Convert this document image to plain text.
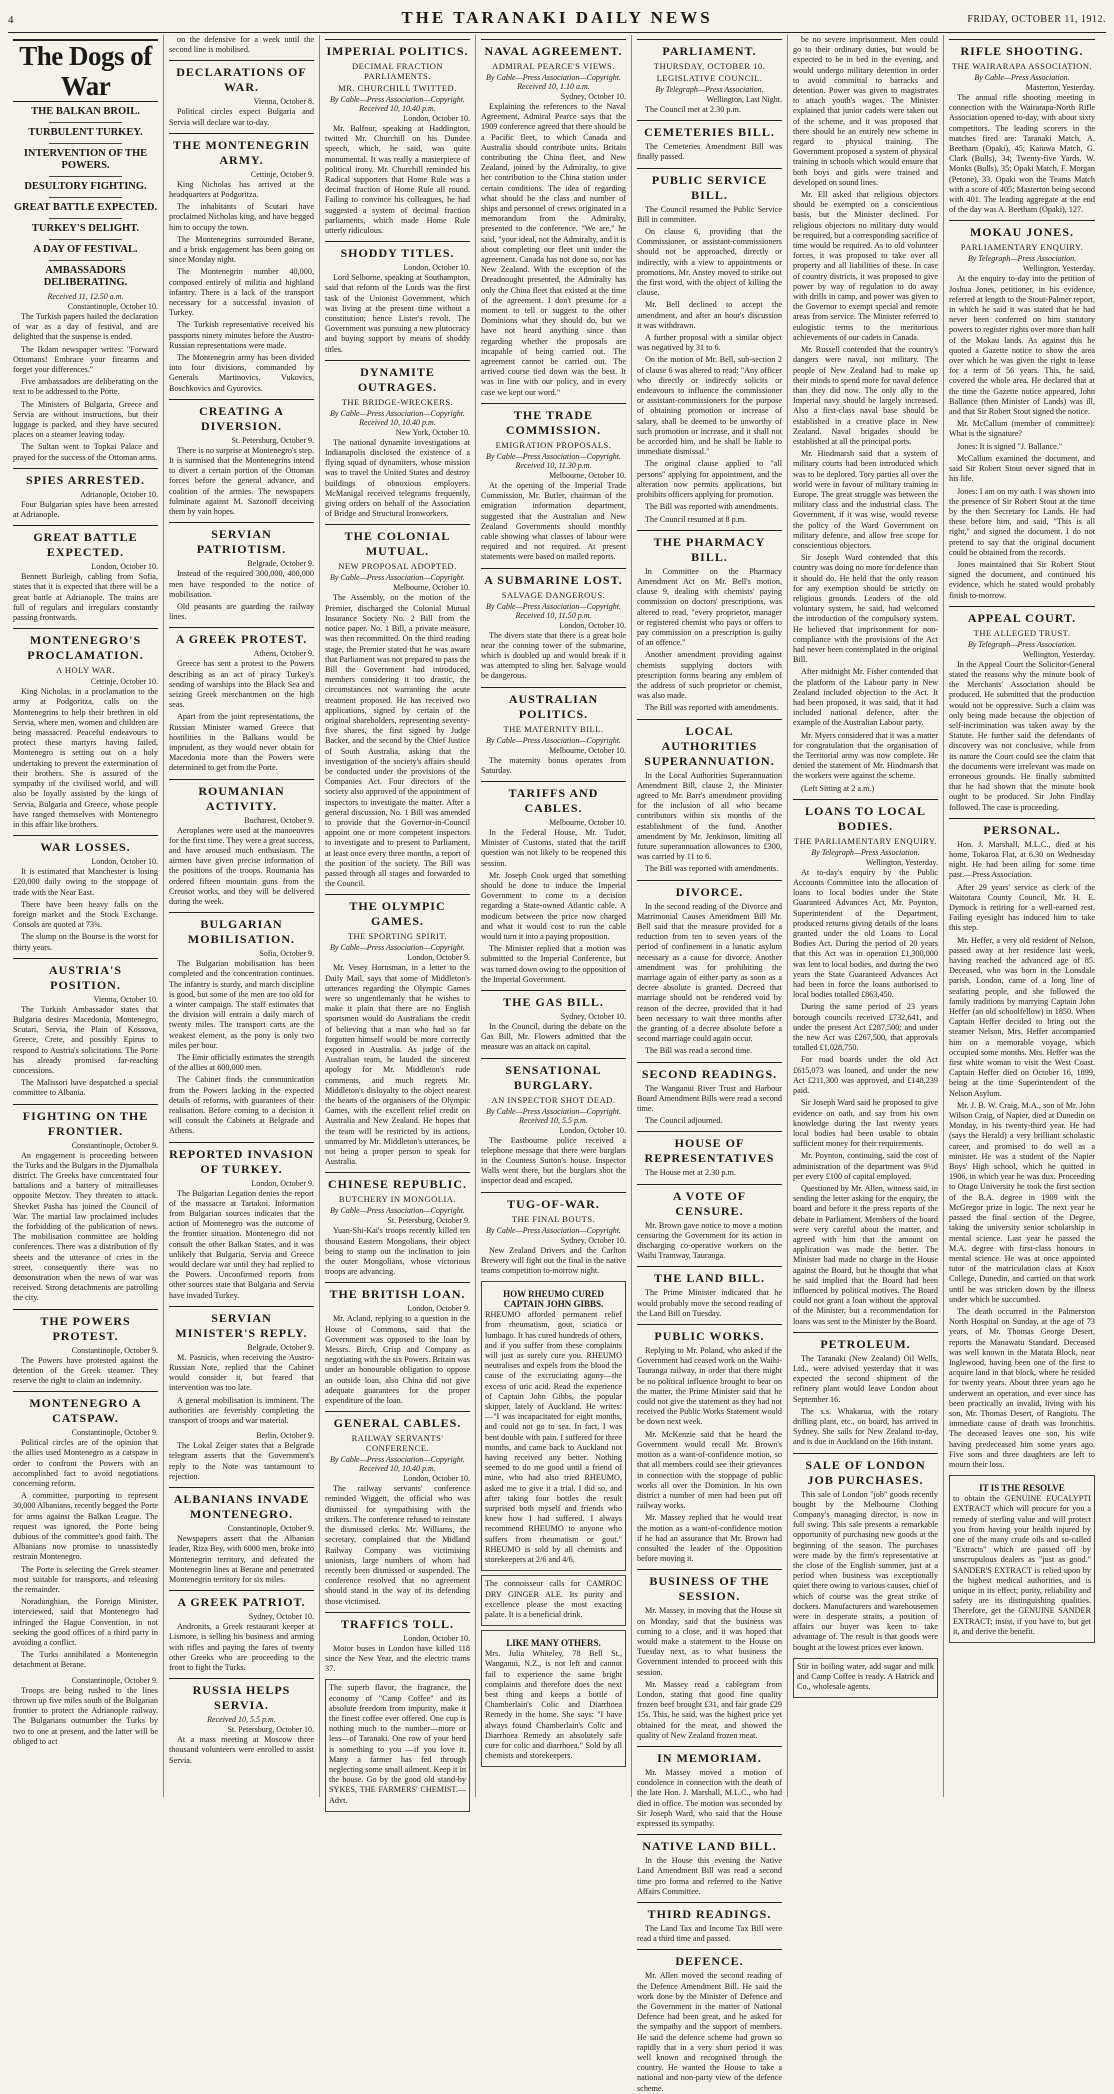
4	THE TARANAKI DAILY NEWS	FRIDAY, OCTOBER 11, 1912.
The Dogs of War
THE BALKAN BROIL.
TURBULENT TURKEY.
INTERVENTION OF THE POWERS.
DESULTORY FIGHTING.
GREAT BATTLE EXPECTED.
TURKEY'S DELIGHT.
A DAY OF FESTIVAL.
AMBASSADORS DELIBERATING.
Received 11, 12.50 a.m.
Constantinople, October 10.

The Turkish papers hailed the declaration of war as a day of festival, and are delighted that the suspense is ended.

The Ikdam newspaper writes: "Forward Ottomans! Embrace your firearms and forget your differences."

Five ambassadors are deliberating on the text to be addressed to the Porte.

The Ministers of Bulgaria, Greece and Servia are without instructions, but their luggage is packed, and they have secured places on a steamer leaving today.

The Sultan went to Topkai Palace and prayed for the success of the Ottoman arms.

SPIES ARRESTED.
Adrianople, October 10.

Four Bulgarian spies have been arrested at Adrianople.

GREAT BATTLE EXPECTED.
London, October 10.

Bennett Burleigh, cabling from Sofia, states that it is expected that there will be a great battle at Adrianople. The trains are full of regulars and irregulars constantly passing frontwards.

MONTENEGRO'S PROCLAMATION.
A HOLY WAR.
Cettinje, October 10.

King Nicholas, in a proclamation to the army at Podgoritza, calls on the Montenegrins to help their brethren in old Servia, where men, women and children are being massacred. Peaceful endeavours to protect these martyrs having failed, Montenegro is setting out on a holy undertaking to prevent the extermination of their brothers. She is assured of the sympathy of the civilised world, and will also be loyally assisted by the kings of Servia, Bulgaria and Greece, whose people have ranged themselves with Montenegro in this affair like brothers.

WAR LOSSES.
London, October 10.

It is estimated that Manchester is losing £20,000 daily owing to the stoppage of trade with the Near East.

There have been heavy falls on the foreign market and the Stock Exchange. Consols are quoted at 73¾.

The slump on the Bourse is the worst for thirty years.

AUSTRIA'S POSITION.
Vienna, October 10.

The Turkish Ambassador states that Bulgaria desires Macedonia, Montenegro, Scutari, Servia, the Plain of Kossova, Greece, Crete, and possibly Epirus to respond to Austria's solicitations. The Porte has already promised far-reaching concessions.

The Malissori have despatched a special committee to Albania.

FIGHTING ON THE FRONTIER.
Constantinople, October 9.

An engagement is proceeding between the Turks and the Bulgars in the Djumalbala district. The Greeks have concentrated four battalions and a battery of mitrailleuses opposite Metzov. They threaten to attack. Shevket Pasha has joined the Council of War. The martial law proclaimed includes the forbidding of the publication of news. The mobilisation committee are holding conferences. There was a distribution of fly sheets and the utterance of cries in the street, consequently there was no demonstration when the news of war was received. Strong detachments are patrolling the city.

THE POWERS PROTEST.
Constantinople, October 9.

The Powers have protested against the detention of the Greek steamer. They reserve the right to claim an indemnity.

MONTENEGRO A CATSPAW.
Constantinople, October 9.

Political circles are of the opinion that the allies used Montenegro as a catspaw in order to confront the Powers with an accomplished fact to avoid negotiations concerning reform.

A committee, purporting to represent 30,000 Albanians, recently begged the Porte for arms against the Balkan League. The request was ignored, the Porte being dubious of the committee's good faith. The Albanians now promise to unassistedly restrain Montenegro.

The Porte is selecting the Greek steamer most suitable for transports, and releasing the remainder.

Noradunghian, the Foreign Minister, interviewed, said that Montenegro had infringed the Hague Convention, in not seeking the good offices of a third party in avoiding a conflict.

The Turks annihilated a Montenegrin detachment at Berane.

Constantinople, October 9.

Troops are being rushed to the lines thrown up five miles south of the Bulgarian frontier to protect the Adrianople railway. The Bulgarians outnumber the Turks by two to one at present, and the latter will be obliged to act

on the defensive for a week until the second line is mobilised.

DECLARATIONS OF WAR.
Vienna, October 8.

Political circles expect Bulgaria and Servia will declare war to-day.

THE MONTENEGRIN ARMY.
Cettinje, October 9.

King Nicholas has arrived at the headquarters at Podgoritza.

The inhabitants of Scutari have proclaimed Nicholas king, and have begged him to occupy the town.

The Montenegrins surrounded Berane, and a brisk engagement has been going on since Monday night.

The Montenegrin number 40,000, composed entirely of militia and highland infantry. There is a lack of the transport necessary for a successful invasion of Turkey.

The Turkish representative received his passports ninety minutes before the Austro-Russian representations were made.

The Montenegrin army has been divided into four divisions, commanded by Generals Martinovics, Vukovics, Boschkovics and Gyurovics.

CREATING A DIVERSION.
St. Petersburg, October 9.

There is no surprise at Montenegro's step. It is surmised that the Montenegrins intend to divert a certain portion of the Ottoman forces before the general advance, and coalition of the armies. The newspapers fulminate against M. Sazonoff deceiving them by vain hopes.

SERVIAN PATRIOTISM.
Belgrade, October 9.

Instead of the required 300,000, 400,000 men have responded to the notice of mobilisation.

Old peasants are guarding the railway lines.

A GREEK PROTEST.
Athens, October 9.

Greece has sent a protest to the Powers describing as an act of piracy Turkey's sending of warships into the Black Sea and seizing Greek merchantmen on the high seas.

Apart from the joint representations, the Russian Minister warned Greece that hostilities in the Balkans would be imprudent, as they would never obtain for Macedonia more than the Powers were determined to get from the Porte.

ROUMANIAN ACTIVITY.
Bucharest, October 9.

Aeroplanes were used at the manoeuvres for the first time. They were a great success, and have aroused much enthusiasm. The airmen have given precise information of the positions of the troops. Roumania has ordered fifteen mountain guns from the Creusot works, and they will be delivered during the week.

BULGARIAN MOBILISATION.
Sofia, October 9.

The Bulgarian mobilisation has been completed and the concentration continues. The infantry is sturdy, and march discipline is good, but some of the men are too old for a winter campaign. The staff estimates that the division will entrain a daily march of twenty miles. The transport carts are the weakest element, as the pony is only two miles per hour.

The Emir officially estimates the strength of the allies at 600,000 men.

The Cabinet finds the communication from the Powers lacking in the expected details of reforms, with guarantees of their realisation. Before coming to a decision it will consult the Cabinets at Belgrade and Athens.

REPORTED INVASION OF TURKEY.
London, October 9.

The Bulgarian Legation denies the report of the massacre at Tartakoi. Information from Bulgarian sources indicates that the action of Montenegro was the outcome of the frontier situation. Montenegro did not consult the other Balkan States, and it was unlikely that Bulgaria, Servia and Greece would declare war until they had replied to the Powers. Unconfirmed reports from other sources state that Bulgaria and Servia have invaded Turkey.

SERVIAN MINISTER'S REPLY.
Belgrade, October 9.

M. Pasnicis, when receiving the Austro-Russian Note, replied that the Cabinet would consider it, but feared that intervention was too late.

A general mobilisation is imminent. The authorities are feverishly completing the transport of troops and war material.

Berlin, October 9.

The Lokal Zeiger states that a Belgrade telegram asserts that the Government's reply to the Note was tantamount to rejection.

ALBANIANS INVADE MONTENEGRO.
Constantinople, October 9.

Newspapers assert that the Albanian leader, Riza Bey, with 6000 men, broke into Montenegrin territory, and defeated the Montenegrin lines at Berane and penetrated Montenegrin territory for six miles.

A GREEK PATRIOT.
Sydney, October 10.

Andronits, a Greek restaurant keeper at Lismore, is selling his business and arming with rifles and paying the fares of twenty other Greeks who are proceeding to the front to fight the Turks.

RUSSIA HELPS SERVIA.
Received 10, 5.5 p.m.
St. Petersburg, October 10.

At a mass meeting at Moscow three thousand volunteers were enrolled to assist Servia.

IMPERIAL POLITICS.
DECIMAL FRACTION PARLIAMENTS.
MR. CHURCHILL TWITTED.
By Cable—Press Association—Copyright. Received 10, 10.40 p.m.
London, October 10.

Mr. Balfour, speaking at Haddington, twitted Mr. Churchill on his Dundee speech, which, he said, was quite monumental. It was really a masterpiece of political irony. Mr. Churchill reminded his Radical supporters that Home Rule was a decimal fraction of Home Rule all round. Failing to convince his colleagues, he had suggested a system of decimal fraction parliaments, which made Home Rule utterly ridiculous.

SHODDY TITLES.
London, October 10.

Lord Selborne, speaking at Southampton, said that reform of the Lords was the first task of the Unionist Government, which was living at the present time without a constitution; hence Lister's revolt. The Government was pursuing a new plutocracy and buying support by means of shoddy titles.

DYNAMITE OUTRAGES.
THE BRIDGE-WRECKERS.
By Cable—Press Association—Copyright. Received 10, 10.40 p.m.
New York, October 10.

The national dynamite investigations at Indianapolis disclosed the existence of a flying squad of dynamiters, whose mission was to travel the United States and destroy buildings of obnoxious employers. McManigal received telegrams frequently, giving orders on behalf of the Association of Bridge and Structural Ironworkers.

THE COLONIAL MUTUAL.
NEW PROPOSAL ADOPTED.
By Cable—Press Association—Copyright.
Melbourne, October 10.

The Assembly, on the motion of the Premier, discharged the Colonial Mutual Insurance Society No. 2 Bill from the notice paper. No. 1 Bill, a private measure, was then recommitted. On the third reading stage, the Premier stated that he was aware that Parliament was not prepared to pass the Bill the Government had introduced, members considering it too drastic, the circumstances not warranting the acute treatment proposed. He has received two applications, signed by certain of the original shareholders, representing seventy-five shares, the first signed by Judge Backer, and the second by the Chief Justice of South Australia, asking that the investigation of the society's affairs should be conducted under the provisions of the Companies Act. Four directors of the society also approved of the appointment of inspectors to investigate the matter. After a general discussion, No. 1 Bill was amended to provide that the Governor-in-Council appoint one or more competent inspectors to investigate and to present to Parliament, at least once every three months, a report of the position of the society. The Bill was passed through all stages and forwarded to the Council.

THE OLYMPIC GAMES.
THE SPORTING SPIRIT.
By Cable—Press Association—Copyright.
London, October 9.

Mr. Vesey Hornsman, in a letter to the Daily Mail, says that some of Middleton's utterances regarding the Olympic Games were so ungentlemanly that he wishes to make it plain that there are no English sportsmen would do Australians the credit of believing that a man who had so far forgotten himself would be more correctly exposed in Australia. As judge of the Australian team, he lauded the sincerest apology for Mr. Middleton's rude comments, and much regrets Mr. Middleton's disloyalty to the object nearest the hearts of the organisers of the Olympic Games, with the excellent relief credit on Australia and New Zealand. He hopes that the team will be restricted by its actions, unmarred by Mr. Middleton's utterances, be not being a proper person to speak for Australia.

CHINESE REPUBLIC.
BUTCHERY IN MONGOLIA.
By Cable—Press Association—Copyright.
St. Petersburg, October 9.

Yuan-Shi-Kai's troops recently killed ten thousand Eastern Mongolians, their object being to stamp out the inclination to join the outer Mongolians, whose victorious troops are advancing.

THE BRITISH LOAN.
London, October 9.

Mr. Acland, replying to a question in the House of Commons, said that the Government was opposed to the loan by Messrs. Birch, Crisp and Company as negotiating with the six Powers. Britain was under an honourable obligation to oppose an outside loan, also China did not give adequate guarantees for the proper expenditure of the loan.

GENERAL CABLES.
RAILWAY SERVANTS' CONFERENCE.
By Cable—Press Association—Copyright. Received 10, 10.40 p.m.
London, October 10.

The railway servants' conference reminded Wiggett, the official who was dismissed for sympathising with the strikers. The conference refused to reinstate the dismissed clerks. Mr. Williams, the secretary, complained that the Midland Railway Company was victimising unionists, large numbers of whom had recently been dismissed or suspended. The conference resolved that no agreement should stand in the way of its defending those victimised.

TRAFFICS TOLL.
London, October 10.

Motor buses in London have killed 118 since the New Year, and the electric trams 37.

The superb flavor, the fragrance, the economy of "Camp Coffee" and its absolute freedom from impurity, make it the finest coffee ever offered. One cup is nothing much to the number—more or less—of Taranaki. One row of your herd is something to you —if you love it. Many a farmer has fed through neglecting some small ailment. Keep it in the house. Go by the good old stand-by SYKES, THE FARMERS' CHEMIST.—Advt.

NAVAL AGREEMENT.
ADMIRAL PEARCE'S VIEWS.
By Cable—Press Association—Copyright. Received 10, 1.10 a.m.
Sydney, October 10.

Explaining the references to the Naval Agreement, Admiral Pearce says that the 1909 conference agreed that there should be a Pacific fleet, to which Canada and Australia should contribute units. Britain contributing the China fleet, and New Zealand, joined by the Admiralty, to give her contribution to the China station under certain conditions. The idea of regarding what should be the class and number of ships and personnel of crews originated in a memorandum from the Admiralty, presented to the conference. "We are," he said, "your ideal, not the Admiralty, and it is about completing our fleet unit under the agreement. Canada has not done so, nor has New Zealand. With the exception of the Dreadnought presented, the Admiralty has only the China fleet that existed at the time of the agreement. I don't presume for a moment to tell or suggest to the other Dominions what they should do, but we have not heard anything since than regarding whether the proposals are incapable of being carried out. The agreement cannot be carried out. The arrived course tied down was the best. It was in line with our policy, and in every case we kept our word."

THE TRADE COMMISSION.
EMIGRATION PROPOSALS.
By Cable—Press Association—Copyright. Received 10, 11.30 p.m.
Melbourne, October 10.

At the opening of the Imperial Trade Commission, Mr. Butler, chairman of the emigration information department, suggested that the Australian and New Zealand Governments should monthly cable showing what classes of labour were required and not required. At present statements were based on mailed reports.

A SUBMARINE LOST.
SALVAGE DANGEROUS.
By Cable—Press Association—Copyright. Received 10, 11.50 p.m.
London, October 10.

The divers state that there is a great hole near the conning tower of the submarine, which is doubled up and would break if it was attempted to sling her. Salvage would be dangerous.

AUSTRALIAN POLITICS.
THE MATERNITY BILL.
By Cable—Press Association—Copyright.
Melbourne, October 10.

The maternity bonus operates from Saturday.

TARIFFS AND CABLES.
Melbourne, October 10.

In the Federal House, Mr. Tudor, Minister of Customs, stated that the tariff question was not likely to be reopened this session.

Mr. Joseph Cook urged that something should be done to induce the Imperial Government to come to a decision regarding a State-owned Atlantic cable. A modicum between the price now charged and what it would cost to run the cable would turn it into a paying proposition.

The Minister replied that a motion was submitted to the Imperial Conference, but was turned down owing to the opposition of the Imperial Government.

THE GAS BILL.
Sydney, October 10.

In the Council, during the debate on the Gas Bill, Mr. Flowers admitted that the measure was an attack on capital.

SENSATIONAL BURGLARY.
AN INSPECTOR SHOT DEAD.
By Cable—Press Association—Copyright. Received 10, 5.5 p.m.
London, October 10.

The Eastbourne police received a telephone message that there were burglars in the Countess Sutton's house. Inspector Walls went there, but the burglars shot the inspector dead and escaped.

TUG-OF-WAR.
THE FINAL BOUTS.
By Cable—Press Association—Copyright.
Sydney, October 10.

New Zealand Drivers and the Carlton Brewery will fight out the final in the native teams competition to-morrow night.

HOW RHEUMO CURED CAPTAIN JOHN GIBBS.

RHEUMO afforded permanent relief from rheumatism, gout, sciatica or lumbago. It has cured hundreds of others, and if you suffer from these complaints will just as surely cure you. RHEUMO neutralises and expels from the blood the cause of the excruciating agony—the excess of uric acid. Read the experience of Captain John Gibbs, the popular skipper, lately of Auckland. He writes:—"I was incapacitated for eight months, and could not go to sea. In fact, I was bent double with pain. I suffered for three months, and came back to Auckland not having received any better. Nothing seemed to do me good until a friend of mine, who had also tried RHEUMO, asked me to give it a trial. I did so, and after taking four bottles the result surprised both myself and friends who knew how I had suffered. I always recommend RHEUMO to anyone who suffers from rheumatism or gout." RHEUMO is sold by all chemists and storekeepers at 2/6 and 4/6.

The connoisseur calls for CAMROC DRY GINGER ALE. Its purity and excellence please the most exacting palate. It is a beneficial drink.

LIKE MANY OTHERS.

Mrs. Julia Whiteley, 78 Bell St., Wanganui, N.Z., is not left and cannot fail to experience the same bright complaints and therefore does the next best thing and keeps a bottle of Chamberlain's Colic and Diarrhoea Remedy in the home. She says: "I have always found Chamberlain's Colic and Diarrhoea Remedy an absolutely safe cure for colic and diarrhoea." Sold by all chemists and storekeepers.

PARLIAMENT.
THURSDAY, OCTOBER 10.
LEGISLATIVE COUNCIL.
By Telegraph—Press Association.
Wellington, Last Night.

The Council met at 2.30 p.m.

CEMETERIES BILL.

The Cemeteries Amendment Bill was finally passed.

PUBLIC SERVICE BILL.

The Council resumed the Public Service Bill in committee.

On clause 6, providing that the Commissioner, or assistant-commissioners should not be approached, directly or indirectly, with a view to appointments or promotions, Mr. Anstey moved to strike out the first word, with the object of killing the clause.

Mr. Bell declined to accept the amendment, and after an hour's discussion it was withdrawn.

A further proposal with a similar object was negatived by 31 to 6.

On the motion of Mr. Bell, sub-section 2 of clause 6 was altered to read: "Any officer who directly or indirectly solicits or endeavours to influence the commissioner or assistant-commissioners for the purpose of obtaining promotion or increase of salary, shall be deemed to be unworthy of such promotion or increase, and it shall not be accorded him, and he shall be liable to immediate dismissal."

The original clause applied to "all persons" applying for appointment, and the alteration now permits applications, but prohibits officers applying for promotion.

The Bill was reported with amendments.

The Council resumed at 8 p.m.

THE PHARMACY BILL.

In Committee on the Pharmacy Amendment Act on Mr. Bell's motion, clause 9, dealing with chemists' paying commission on doctors' prescriptions, was altered to read, "every proprietor, manager or registered chemist who pays or offers to pay commission on a prescription is guilty of an offence."

Another amendment providing against chemists supplying doctors with prescription forms bearing any emblem of the address of such proprietor or chemist, was also made.

The Bill was reported with amendments.

LOCAL AUTHORITIES SUPERANNUATION.

In the Local Authorities Superannuation Amendment Bill, clause 2, the Minister agreed to Mr. Barr's amendment providing for the inclusion of all who became contributors within six months of the establishment of the fund. Another amendment by Mr. Jenkinson, limiting all future superannuation allowances to £300, was carried by 11 to 6.

The Bill was reported with amendments.

DIVORCE.

In the second reading of the Divorce and Matrimonial Causes Amendment Bill Mr. Bell said that the measure provided for a reduction from ten to seven years of the period of confinement in a lunatic asylum necessary as a cause for divorce. Another amendment was for prohibiting the marriage again of either party as soon as a decree absolute is granted. Decreed that marriage should not be rendered void by reason of the decree, provided that it had been necessary to wait three months after the granting of a decree absolute before a second marriage could again occur.

The Bill was read a second time.

SECOND READINGS.

The Wanganui River Trust and Harbour Board Amendment Bills were read a second time.

The Council adjourned.

HOUSE OF REPRESENTATIVES

The House met at 2.30 p.m.

A VOTE OF CENSURE.

Mr. Brown gave notice to move a motion censuring the Government for its action in discharging co-operative workers on the Waihi Tramway, Tauranga.

THE LAND BILL.

The Prime Minister indicated that he would probably move the second reading of the Land Bill on Tuesday.

PUBLIC WORKS.

Replying to Mr. Poland, who asked if the Government had ceased work on the Waihi-Tauranga railway, in order that there might be no political influence brought to bear on the matter, the Prime Minister said that he could not give the statement as they had not received the Public Works Statement would be down next week.

Mr. McKenzie said that he heard the Government would recall Mr. Brown's motion as a want-of-confidence motion, so that all members could see their grievances in connection with the stoppage of public works all over the Dominion. In his own district a number of men had been put off railway works.

Mr. Massey replied that he would treat the motion as a want-of-confidence motion if he had an assurance that Mr. Brown had consulted the leader of the Opposition before moving it.

BUSINESS OF THE SESSION.

Mr. Massey, in moving that the House sit on Monday, said that the business was coming to a close, and it was hoped that would make a statement to the House on Tuesday next, as to what business the Government intended to proceed with this session.

Mr. Massey read a cablegram from London, stating that good fine quality frozen beef brought £31, and fair grade £29 15s. This, he said, was the highest price yet obtained for the meat, and showed the quality of New Zealand frozen meat.

IN MEMORIAM.

Mr. Massey moved a motion of condolence in connection with the death of the late Hon. J. Marshall, M.L.C., who had died in office. The motion was seconded by Sir Joseph Ward, who said that the House expressed its sympathy.

NATIVE LAND BILL.

In the House this evening the Native Land Amendment Bill was read a second time pro forma and referred to the Native Affairs Committee.

THIRD READINGS.

The Land Tax and Income Tax Bill were read a third time and passed.

DEFENCE.

Mr. Allen moved the second reading of the Defence Amendment Bill. He said the work done by the Minister of Defence and the Government in the matter of National Defence had been great, and he asked for the sympathy and the support of members. He said the defence scheme had grown so rapidly that in a very short period it was well known and recognised through the country. He wanted the House to take a national and non-party view of the defence scheme.

be no severe imprisonment. Men could go to their ordinary duties, but would be expected to be in bed in the evening, and would undergo military detention in order to avoid committal to barracks and detention. Power was given to magistrates to attach youth's wages. The Minister explained that junior cadets were taken out of the scheme, and it was proposed that there should be an entirely new scheme in regard to physical training. The Government proposed a system of physical training in schools which would ensure that both boys and girls were trained and developed on sound lines.

Mr. Ell asked that religious objectors should be exempted on a conscientious basis, but the Minister declined. For religious objectors no military duty would be required, but a corresponding sacrifice of time would be required. As to old volunteer forces, it was proposed to take over all property and all liabilities of these. In case of country districts, it was proposed to give power by way of regulation to do away with drills in camp, and power was given to the Governor to exempt special and remote areas from service. The Minister referred to eulogistic terms to the meritorious achievements of our cadets in Canada.

Mr. Russell contended that the country's dangers were naval, not military. The people of New Zealand had to make up their minds to spend more for naval defence than they did now. The only ally to the Imperial navy should be largely increased. Also a first-class naval base should be established in a creative place in New Zealand. Naval brigades should be established at all the principal ports.

Mr. Hindmarsh said that a system of military courts had been introduced which was to be deplored. Tory parties all over the world were in favour of military training in Europe. The great struggle was between the military class and the industrial class. The Government, if it was wise, would reverse the policy of the Ward Government on military defence, and allow free scope for conscientious objectors.

Sir Joseph Ward contended that this country was doing no more for defence than it should do. He held that the only reason for any exemption should be strictly on religious grounds. Leaders of the old voluntary system, he said, had welcomed the introduction of the compulsory system. He believed that imprisonment for non-compliance with the provisions of the Act had never been contemplated in the original Bill.

After midnight Mr. Fisher contended that the platform of the Labour party in New Zealand included objection to the Act. It had been proposed, it was said, that it had included national defence, after the example of the Australian Labour party.

Mr. Myers considered that it was a matter for congratulation that the organisation of the Territorial army was now complete. He denied the statement of Mr. Hindmarsh that the workers were against the scheme.

(Left Sitting at 2 a.m.)

LOANS TO LOCAL BODIES.
THE PARLIAMENTARY ENQUIRY.
By Telegraph—Press Association.
Wellington, Yesterday.

At to-day's enquiry by the Public Accounts Committee into the allocation of loans to local bodies under the State Guaranteed Advances Act, Mr. Poynton, Superintendent of the Department, produced returns giving details of the loans granted under the old Loans to Local Bodies Act. During the period of 20 years that this Act was in operation £1,300,000 was lent to local bodies, and during the two years the State Guaranteed Advances Act had been in force the loans authorised to local bodies totalled £863,450.

During the same period of 23 years borough councils received £732,641, and under the present Act £287,500; and under the new Act was £267,500, that approvals totalled £1,028,750.

For road boards under the old Act £615,073 was loaned, and under the new Act £211,300 was approved, and £148,239 paid.

Sir Joseph Ward said he proposed to give evidence on oath, and say from his own knowledge during the last twenty years local bodies had been unable to obtain sufficient money for their requirements.

Mr. Poynton, continuing, said the cost of administration of the department was 9½d per every £100 of capital employed.

Questioned by Mr. Allen, witness said, in sending the letter asking for the enquiry, the board and before it the press reports of the debate in Parliament. Members of the board were very careful about the matter, and agreed with him that the amount on application was made the better. The Minister had made no charge in the House against the Board, but he thought that what he said implied that the Board had been influenced by political motives. The Board could not grant a loan without the approval of the Minister, but a recommendation for loans was sent to the Minister by the Board.

PETROLEUM.

The Taranaki (New Zealand) Oil Wells, Ltd., were advised yesterday that it was expected the second shipment of the refinery plant would leave London about September 16.

The s.s. Whakarua, with the rotary drilling plant, etc., on board, has arrived in Sydney. She sails for New Zealand to-day, and is due in Auckland on the 16th instant.

SALE OF LONDON JOB PURCHASES.

This sale of London "job" goods recently bought by the Melbourne Clothing Company's managing director, is now in full swing. This sale presents a remarkable opportunity of purchasing new goods at the beginning of the season. The purchases were made by the firm's representative at the close of the English summer, just at a period when business was exceptionally quiet there owing to various causes, chief of which of course was the great strike of dockers. Manufacturers and warehousemen were in desperate straits, a position of affairs our buyer was keen to take advantage of. The result is that goods were bought at the lowest prices ever known.

Stir in boiling water, add sugar and milk and Camp Coffee is ready. A Hatrick and Co., wholesale agents.

RIFLE SHOOTING.
THE WAIRARAPA ASSOCIATION.
By Cable—Press Association.
Masterton, Yesterday.

The annual rifle shooting meeting in connection with the Wairarapa-North Rifle Association opened to-day, with about sixty competitors. The leading scorers in the matches fired are: Taranaki Match, A. Beetham (Opaki), 45; Kaiuwa Match, G. Clark (Bulls), 34; Twenty-five Yards, W. Monks (Bulls), 35; Opaki Match, F. Morgan (Petone), 33. Opaki won the Teams Match with a score of 405; Masterton being second with 401. The leading aggregate at the end of the day was A. Beetham (Opaki), 127.

MOKAU JONES.
PARLIAMENTARY ENQUIRY.
By Telegraph—Press Association.
Wellington, Yesterday.

At the enquiry to-day into the petition of Joshua Jones, petitioner, in his evidence, referred at length to the Stout-Palmer report, in which he said it was stated that he had never been conferred on him statutory powers to register rights over more than half of the Mokau lands. As against this he quoted a Gazette notice to show the area over which he was given the right to lease for a term of 56 years. This, he said, covered the whole area. He declared that at the time the Gazette notice appeared, John Ballance (then Minister of Lands) was ill, and that Sir Robert Stout signed the notice.

Mr. McCallum (member of committee): What is the signature?

Jones: It is signed "J. Ballance."

McCallum examined the document, and said Sir Robert Stout never signed that in his life.

Jones: I am on my oath. I was shown into the presence of Sir Robert Stout at the time by the then Secretary for Lands. He had these before him, and said, "This is all right," and signed the document. I do not pretend to say that the original document could be obtained from the records.

Jones maintained that Sir Robert Stout signed the document, and continued his evidence, which he stated would probably finish to-morrow.

APPEAL COURT.
THE ALLEGED TRUST.
By Telegraph—Press Association.
Wellington, Yesterday.

In the Appeal Court the Solicitor-General stated the reasons why the minute book of the Merchants' Association should be produced. He submitted that the production would not be oppressive. Such a claim was only being made because the objection of self-incrimination was taken away by the Statute. He further said the defendants of discovery was not conclusive, while from its nature the Court could see the claim that the documents were irrelevant was made on erroneous grounds. He finally submitted that he had shown that the minute book ought to be produced. Sir John Findlay followed. The case is proceeding.

PERSONAL.

Hon. J. Marshall, M.L.C., died at his home, Tokaroa Flat, at 6.30 on Wednesday night. He had been ailing for some time past.—Press Association.

After 29 years' service as clerk of the Waitotara County Council, Mr. H. E. Dymock is retiring for a well-earned rest. Failing eyesight has induced him to take this step.

Mr. Heffer, a very old resident of Nelson, passed away at her residence last week, having reached the advanced age of 85. Deceased, who was born in the Lonsdale parish, London, came of a long line of seafaring people, and she followed the family traditions by marrying Captain John Heffer (an old schoolfellow) in 1850. When Captain Heffer decided to bring out the steamer Nelson, Mrs. Heffer accompanied him on a memorable voyage, which occupied some months. Mrs. Heffer was the first white woman to visit the West Coast. Captain Heffer died on October 16, 1899, being at the time Superintendent of the Nelson Asylum.

Mr. J. B. W. Craig, M.A., son of Mr. John Wilson Craig, of Napier, died at Dunedin on Monday, in his twenty-third year. He had (says the Herald) a very brilliant scholastic career, and promised to do well as a minister. He was a student of the Napier Boys' High school, which he quitted in 1906, in which year he was dux. Proceeding to Otago University he took the first section of the B.A. degree in 1909 with the McGregor prize in logic. The next year he passed the final section of the Degree, taking the university senior scholarship in mental science. Last year he passed the M.A. degree with first-class honours in mental science. He was at once appointed tutor of the matriculation class at Knox College, Dunedin, and carried on that work until he was stricken down by the illness under which he succumbed.

The death occurred in the Palmerston North Hospital on Sunday, at the age of 73 years, of Mr. Thomas George Desert, reports the Manawatu Standard. Deceased was well known in the Matata Block, near Inglewood, having been one of the first to acquire land in that block, where he resided for twenty years. About three years ago he underwent an operation, and ever since has been practically an invalid, living with his son, Mr. Thomas Desert, of Rangiotu. The immediate cause of death was bronchitis. The deceased leaves one son, his wife having predeceased him some years ago. Five sons and three daughters are left to mourn their loss.

IT IS THE RESOLVE

to obtain the GENUINE EUCALYPTI EXTRACT which will procure for you a remedy of sterling value and will protect you from having your health injured by one of the many crude oils and so-called "Extracts" which are passed off by unscrupulous dealers as "just as good." SANDER'S EXTRACT is relied upon by the highest medical authorities, and is unique in its effect; purity, reliability and safety are its distinguishing qualities. Therefore, get the GENUINE SANDER EXTRACT; insist, if you have to, but get it, and derive the benefit.
